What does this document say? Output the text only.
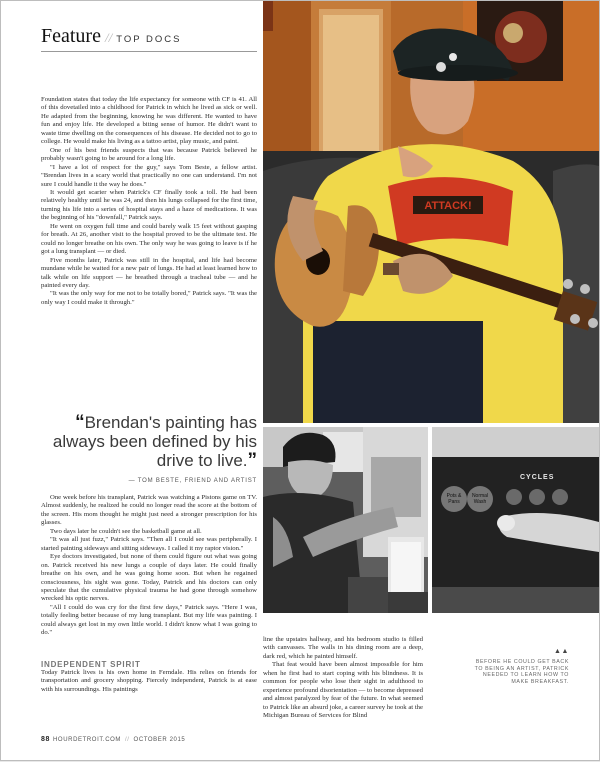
Feature // TOP DOCS

Foundation states that today the life expectancy for someone with CF is 41. All of this dovetailed into a childhood for Patrick in which he lived as sick or well. He adapted from the beginning, knowing he was different. He wanted to have fun and enjoy life. He developed a biting sense of humor. He didn't want to waste time dwelling on the consequences of his disease. He decided not to go to college. He would make his living as a tattoo artist, play music, and paint.

One of his best friends suspects that was because Patrick believed he probably wasn't going to be around for a long life.

"I have a lot of respect for the guy," says Tom Beste, a fellow artist. "Brendan lives in a scary world that practically no one can understand. I'm not sure I could handle it the way he does."

It would get scarier when Patrick's CF finally took a toll. He had been relatively healthy until he was 24, and then his lungs collapsed for the first time, turning his life into a series of hospital stays and a haze of medications. It was the beginning of his "downfall," Patrick says.

He went on oxygen full time and could barely walk 15 feet without gasping for breath. At 26, another visit to the hospital proved to be the ultimate test. He could no longer breathe on his own. The only way he was going to leave is if he got a lung transplant — or died.

Five months later, Patrick was still in the hospital, and life had become mundane while he waited for a new pair of lungs. He had at least learned how to talk while on life support — he breathed through a tracheal tube — and he painted every day.

"It was the only way for me not to be totally bored," Patrick says. "It was the only way I could make it through."

“Brendan's painting has always been defined by his drive to live.”
— TOM BESTE, FRIEND AND ARTIST

One week before his transplant, Patrick was watching a Pistons game on TV. Almost suddenly, he realized he could no longer read the score at the bottom of the screen. His mom thought he might just need a stronger prescription for his glasses.

Two days later he couldn't see the basketball game at all.

"It was all just fuzz," Patrick says. "Then all I could see was peripherally. I started painting sideways and sitting sideways. I called it my raptor vision."

Eye doctors investigated, but none of them could figure out what was going on. Patrick received his new lungs a couple of days later. He could finally breathe on his own, and he was going home soon. But when he regained consciousness, his sight was gone. Today, Patrick and his doctors can only speculate that the cumulative physical trauma he had gone through somehow wrecked his optic nerves.

"All I could do was cry for the first few days," Patrick says. "Here I was, totally feeling better because of my lung transplant. But my life was painting. I could always get lost in my own little world. I didn't know what I was going to do."

INDEPENDENT SPIRIT

Today Patrick lives is his own home in Ferndale. His relies on friends for transportation and grocery shopping. Fiercely independent, Patrick is at ease with his surroundings. His paintings

line the upstairs hallway, and his bedroom studio is filled with canvasses. The walls in his dining room are a deep, dark red, which he painted himself.

That feat would have been almost impossible for him when he first had to start coping with his blindness. It is common for people who lose their sight in adulthood to experience profound disorientation — to become depressed and almost paralyzed by fear of the future. In what seemed to Patrick like an absurd joke, a career survey he took at the Michigan Bureau of Services for Blind

▲▲
BEFORE HE COULD GET BACK TO BEING AN ARTIST, PATRICK NEEDED TO LEARN HOW TO MAKE BREAKFAST.
88 HOURDETROIT.COM // OCTOBER 2015
ATTACK!
CYCLES
Pots & Pans
Normal Wash
